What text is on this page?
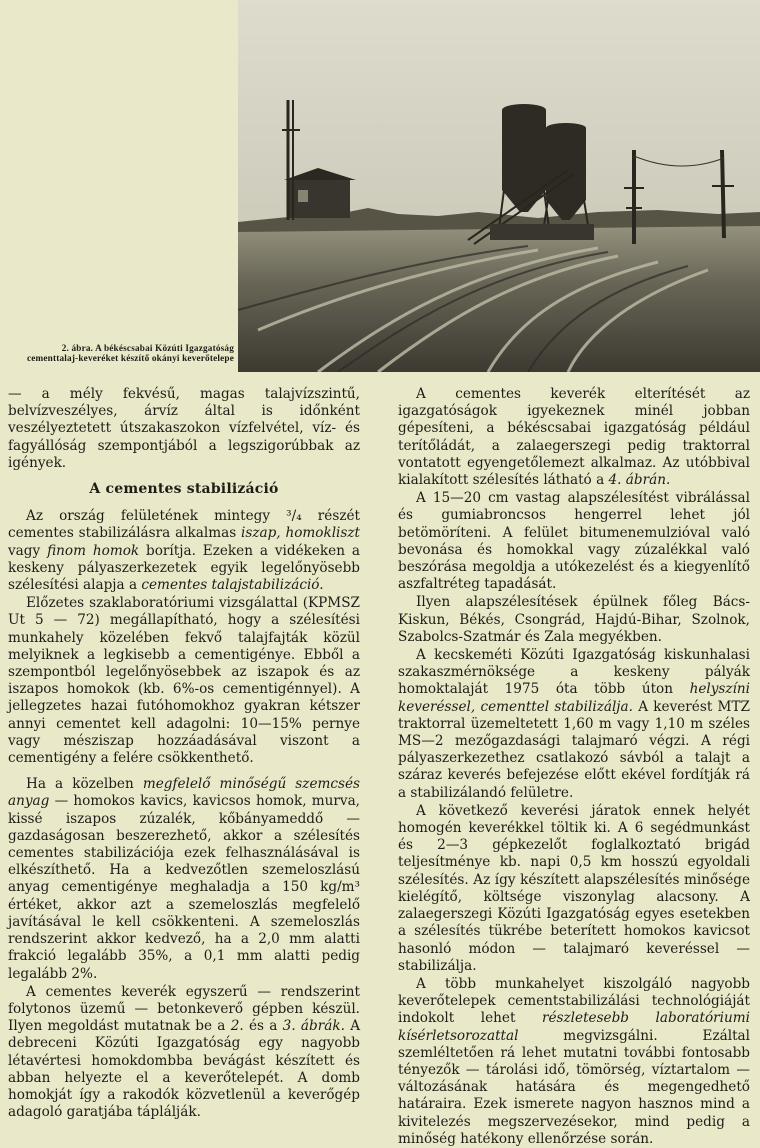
2. ábra. A békéscsabai Közúti Igazgatóság cementtalaj-keveréket készítő okányi keverőtelepe

— a mély fekvésű, magas talajvízszintű, belvízveszélyes, árvíz által is időnként veszélyeztetett útszakaszokon vízfelvétel, víz- és fagyállóság szempontjából a legszigorúbbak az igények.

A cementes stabilizáció

Az ország felületének mintegy ³/₄ részét cementes stabilizálásra alkalmas iszap, homokliszt vagy finom homok borítja. Ezeken a vidékeken a keskeny pályaszerkezetek egyik legelőnyösebb szélesítési alapja a cementes talajstabilizáció.

Előzetes szaklaboratóriumi vizsgálattal (KPMSZ Ut 5 — 72) megállapítható, hogy a szélesítési munkahely közelében fekvő talajfajták közül melyiknek a legkisebb a cementigénye. Ebből a szempontból legelőnyösebbek az iszapok és az iszapos homokok (kb. 6%-os cementigénnyel). A jellegzetes hazai futóhomokhoz gyakran kétszer annyi cementet kell adagolni: 10—15% pernye vagy mésziszap hozzáadásával viszont a cementigény a felére csökkenthető.

Ha a közelben megfelelő minőségű szemcsés anyag — homokos kavics, kavicsos homok, murva, kissé iszapos zúzalék, kőbányameddő — gazdaságosan beszerezhető, akkor a szélesítés cementes stabilizációja ezek felhasználásával is elkészíthető. Ha a kedvezőtlen szemeloszlású anyag cementigénye meghaladja a 150 kg/m³ értéket, akkor azt a szemeloszlás megfelelő javításával le kell csökkenteni. A szemeloszlás rendszerint akkor kedvező, ha a 2,0 mm alatti frakció legalább 35%, a 0,1 mm alatti pedig legalább 2%.

A cementes keverék egyszerű — rendszerint folytonos üzemű — betonkeverő gépben készül. Ilyen megoldást mutatnak be a 2. és a 3. ábrák. A debreceni Közúti Igazgatóság egy nagyobb létavértesi homokdombba bevágást készített és abban helyezte el a keverőtelepét. A domb homokját így a rakodók közvetlenül a keverőgép adagoló garatjába táplálják.

A cementes keverék elterítését az igazgatóságok igyekeznek minél jobban gépesíteni, a békéscsabai igazgatóság például terítőládát, a zalaegerszegi pedig traktorral vontatott egyengetőlemezt alkalmaz. Az utóbbival kialakított szélesítés látható a 4. ábrán.

A 15—20 cm vastag alapszélesítést vibrálással és gumiabroncsos hengerrel lehet jól betömöríteni. A felület bitumenemulzióval való bevonása és homokkal vagy zúzalékkal való beszórása megoldja a utókezelést és a kiegyenlítő aszfaltréteg tapadását.

Ilyen alapszélesítések épülnek főleg Bács-Kiskun, Békés, Csongrád, Hajdú-Bihar, Szolnok, Szabolcs-Szatmár és Zala megyékben.

A kecskeméti Közúti Igazgatóság kiskunhalasi szakaszmérnöksége a keskeny pályák homoktalaját 1975 óta több úton helyszíni keveréssel, cementtel stabilizálja. A keverést MTZ traktorral üzemeltetett 1,60 m vagy 1,10 m széles MS—2 mezőgazdasági talajmaró végzi. A régi pályaszerkezethez csatlakozó sávból a talajt a száraz keverés befejezése előtt ekével fordítják rá a stabilizálandó felületre.

A következő keverési járatok ennek helyét homogén keverékkel töltik ki. A 6 segédmunkást és 2—3 gépkezelőt foglalkoztató brigád teljesítménye kb. napi 0,5 km hosszú egyoldali szélesítés. Az így készített alapszélesítés minősége kielégítő, költsége viszonylag alacsony. A zalaegerszegi Közúti Igazgatóság egyes esetekben a szélesítés tükrébe beterített homokos kavicsot hasonló módon — talajmaró keveréssel — stabilizálja.

A több munkahelyet kiszolgáló nagyobb keverőtelepek cementstabilizálási technológiáját indokolt lehet részletesebb laboratóriumi kísérletsorozattal megvizsgálni. Ezáltal szemléltetően rá lehet mutatni további fontosabb tényezők — tárolási idő, tömörség, víztartalom — változásának hatására és megengedhető határaira. Ezek ismerete nagyon hasznos mind a kivitelezés megszervezésekor, mind pedig a minőség hatékony ellenőrzése során.
